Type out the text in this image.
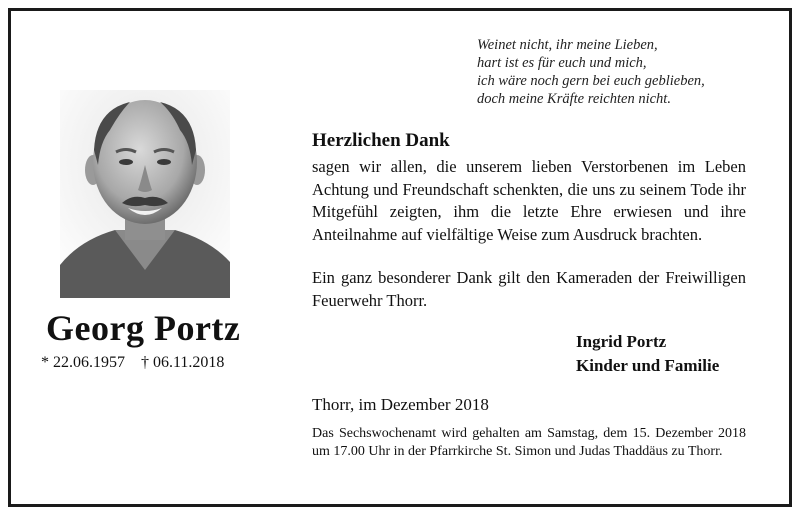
Weinet nicht, ihr meine Lieben,
hart ist es für euch und mich,
ich wäre noch gern bei euch geblieben,
doch meine Kräfte reichten nicht.
Georg Portz
* 22.06.1957 † 06.11.2018
Herzlichen Dank
sagen wir allen, die unserem lieben Verstorbenen im Leben Achtung und Freundschaft schenkten, die uns zu seinem Tode ihr Mitgefühl zeigten, ihm die letzte Ehre erwiesen und ihre Anteilnahme auf vielfältige Weise zum Ausdruck brachten.
Ein ganz besonderer Dank gilt den Kameraden der Freiwilligen Feuerwehr Thorr.
Ingrid Portz
Kinder und Familie
Thorr, im Dezember 2018
Das Sechswochenamt wird gehalten am Samstag, dem 15. Dezember 2018 um 17.00 Uhr in der Pfarrkirche St. Simon und Judas Thaddäus zu Thorr.
